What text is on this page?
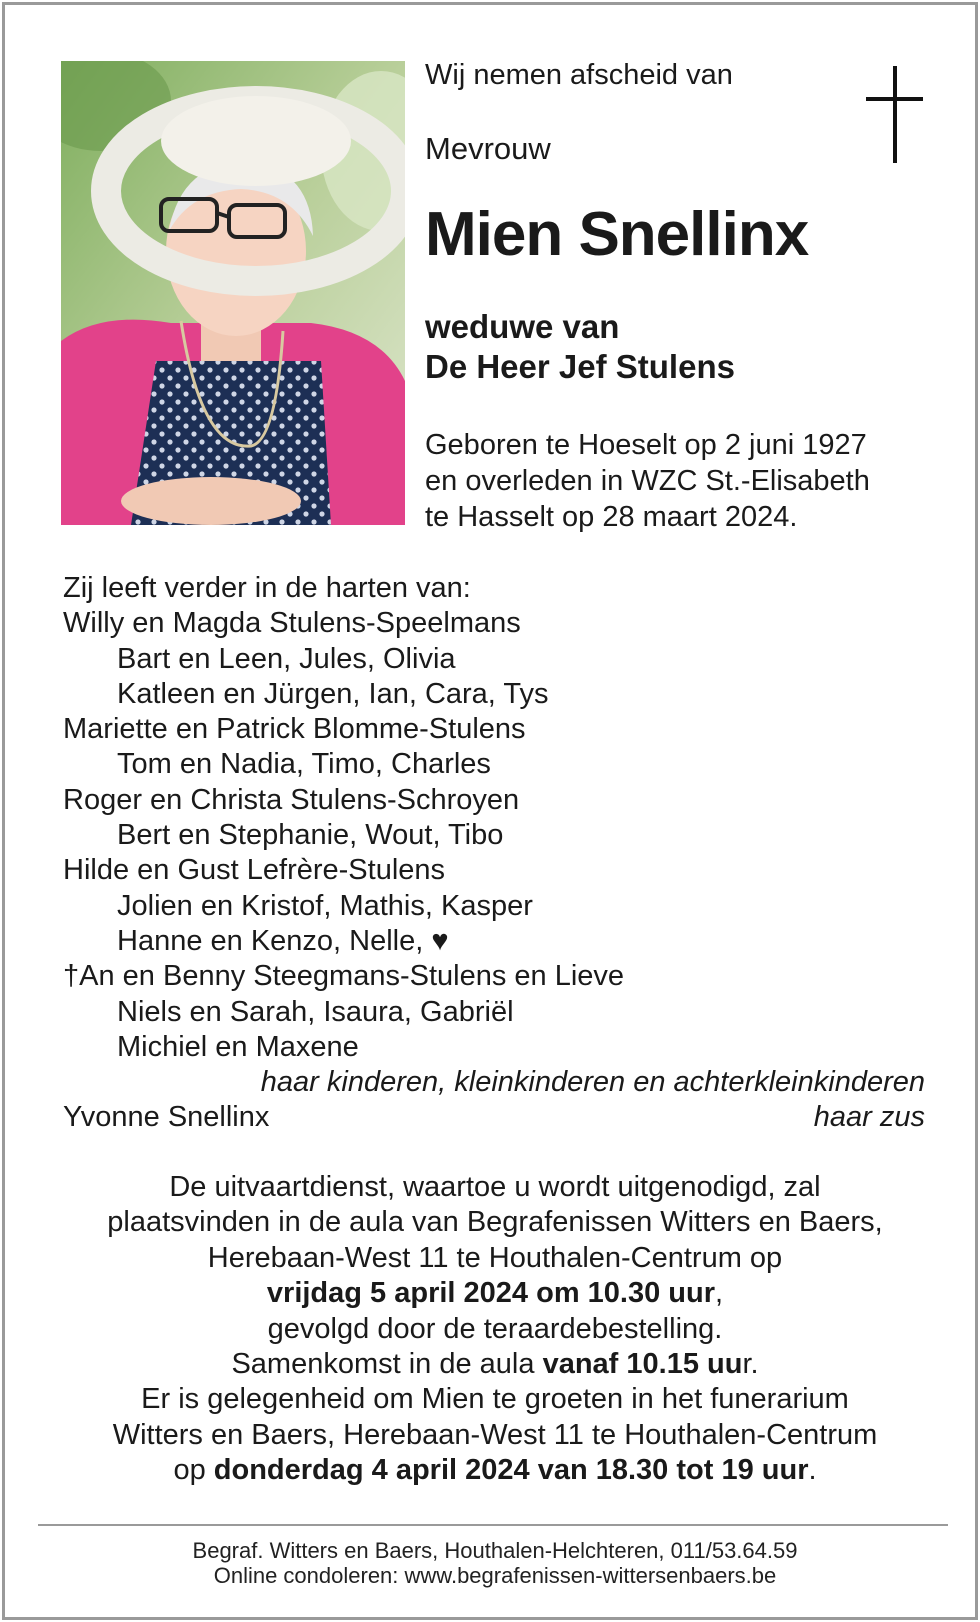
Wij nemen afscheid van
Mevrouw
Mien Snellinx
weduwe van
De Heer Jef Stulens
Geboren te Hoeselt op 2 juni 1927
en overleden in WZC St.-Elisabeth
te Hasselt op 28 maart 2024.
Zij leeft verder in de harten van:
Willy en Magda Stulens-Speelmans
Bart en Leen, Jules, Olivia
Katleen en Jürgen, Ian, Cara, Tys
Mariette en Patrick Blomme-Stulens
Tom en Nadia, Timo, Charles
Roger en Christa Stulens-Schroyen
Bert en Stephanie, Wout, Tibo
Hilde en Gust Lefrère-Stulens
Jolien en Kristof, Mathis, Kasper
Hanne en Kenzo, Nelle, ♥
†An en Benny Steegmans-Stulens en Lieve
Niels en Sarah, Isaura, Gabriël
Michiel en Maxene
haar kinderen, kleinkinderen en achterkleinkinderen
Yvonne Snellinx	haar zus
De uitvaartdienst, waartoe u wordt uitgenodigd, zal
plaatsvinden in de aula van Begrafenissen Witters en Baers,
Herebaan-West 11 te Houthalen-Centrum op
vrijdag 5 april 2024 om 10.30 uur,
gevolgd door de teraardebestelling.
Samenkomst in de aula vanaf 10.15 uur.
Er is gelegenheid om Mien te groeten in het funerarium
Witters en Baers, Herebaan-West 11 te Houthalen-Centrum
op donderdag 4 april 2024 van 18.30 tot 19 uur.
Begraf. Witters en Baers, Houthalen-Helchteren, 011/53.64.59
Online condoleren: www.begrafenissen-wittersenbaers.be
